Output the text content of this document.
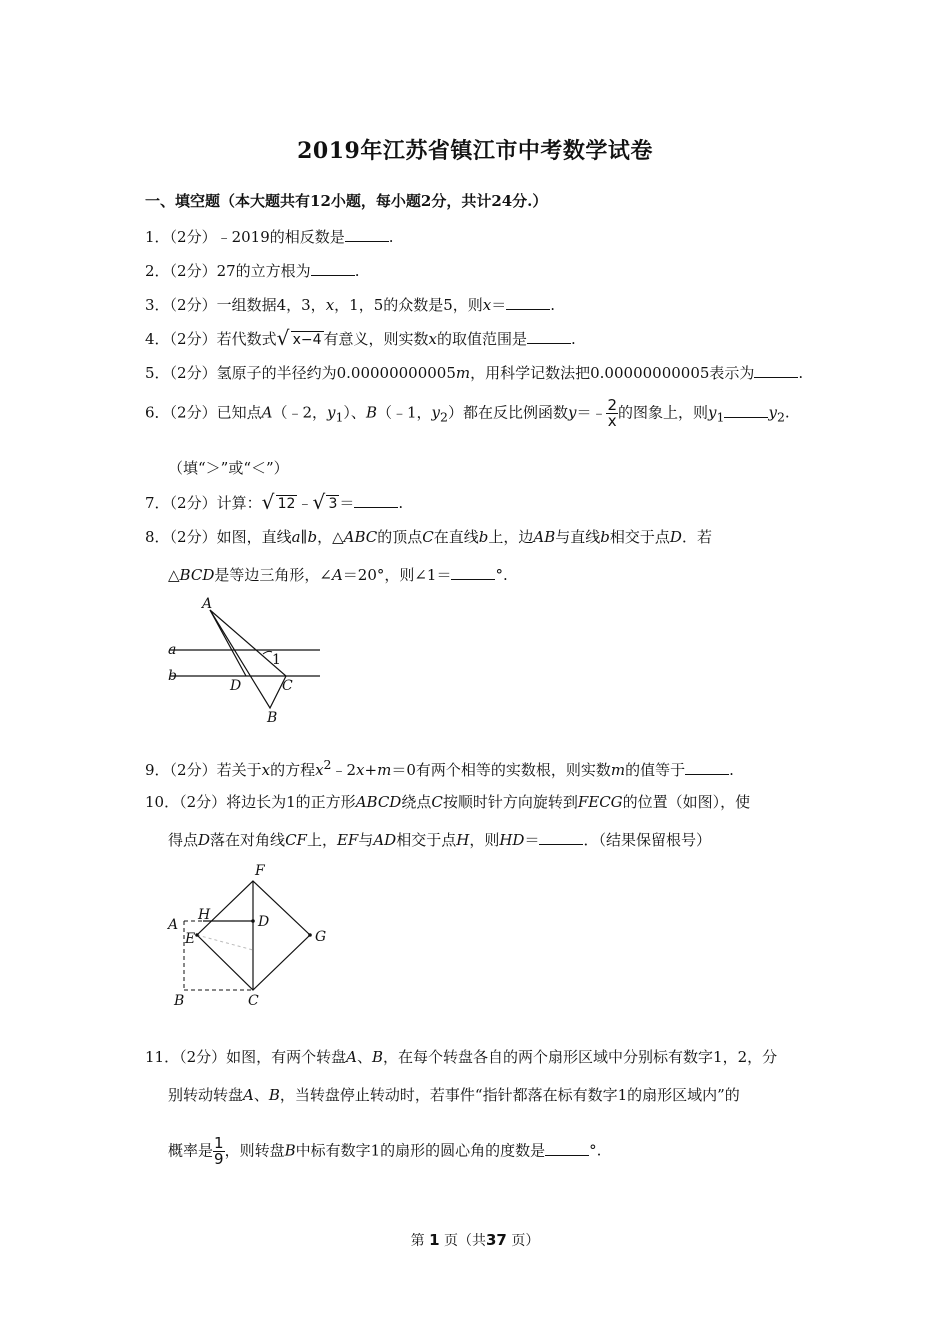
2019年江苏省镇江市中考数学试卷
一、填空题（本大题共有12小题，每小题2分，共计24分.）
1．（2分）﹣2019的相反数是	.
2．（2分）27的立方根为	.
3．（2分）一组数据4，3，x，1，5的众数是5，则x＝	.
4．（2分）若代数式 √ x−4 有意义，则实数x的取值范围是	.
5．（2分）氢原子的半径约为0.00000000005m，用科学记数法把0.00000000005表示为	.
6．（2分）已知点A（﹣2，$y_1$）、B（﹣1，$y_2$）都在反比例函数y＝﹣ $\frac{2}{x}$ 的图象上，则$y_1$	$y_2$.
（填“＞”或“＜”）
7．（2分）计算： √ 12 ﹣ √ 3 ＝	.
8．（2分）如图，直线a∥b，△ABC的顶点C在直线b上，边AB与直线b相交于点D．若
△BCD是等边三角形，∠A＝20°，则∠1＝	°.
A
a
b
1
D	C
B
9．（2分）若关于x的方程$x^2﹣2x+m=0$有两个相等的实数根，则实数m的值等于	.
10．（2分）将边长为1的正方形ABCD绕点C按顺时针方向旋转到FECG的位置（如图），使
得点D落在对角线CF上，EF与AD相交于点H，则HD＝	．（结果保留根号）
F
A
H	D
E	G
B	C
11．（2分）如图，有两个转盘A、B，在每个转盘各自的两个扇形区域中分别标有数字1，2，分
别转动转盘A、B，当转盘停止转动时，若事件“指针都落在标有数字1的扇形区域内”的
概率是 $\frac{1}{9}$ ，则转盘B中标有数字1的扇形的圆心角的度数是	°.
第 1 页（共37 页）
